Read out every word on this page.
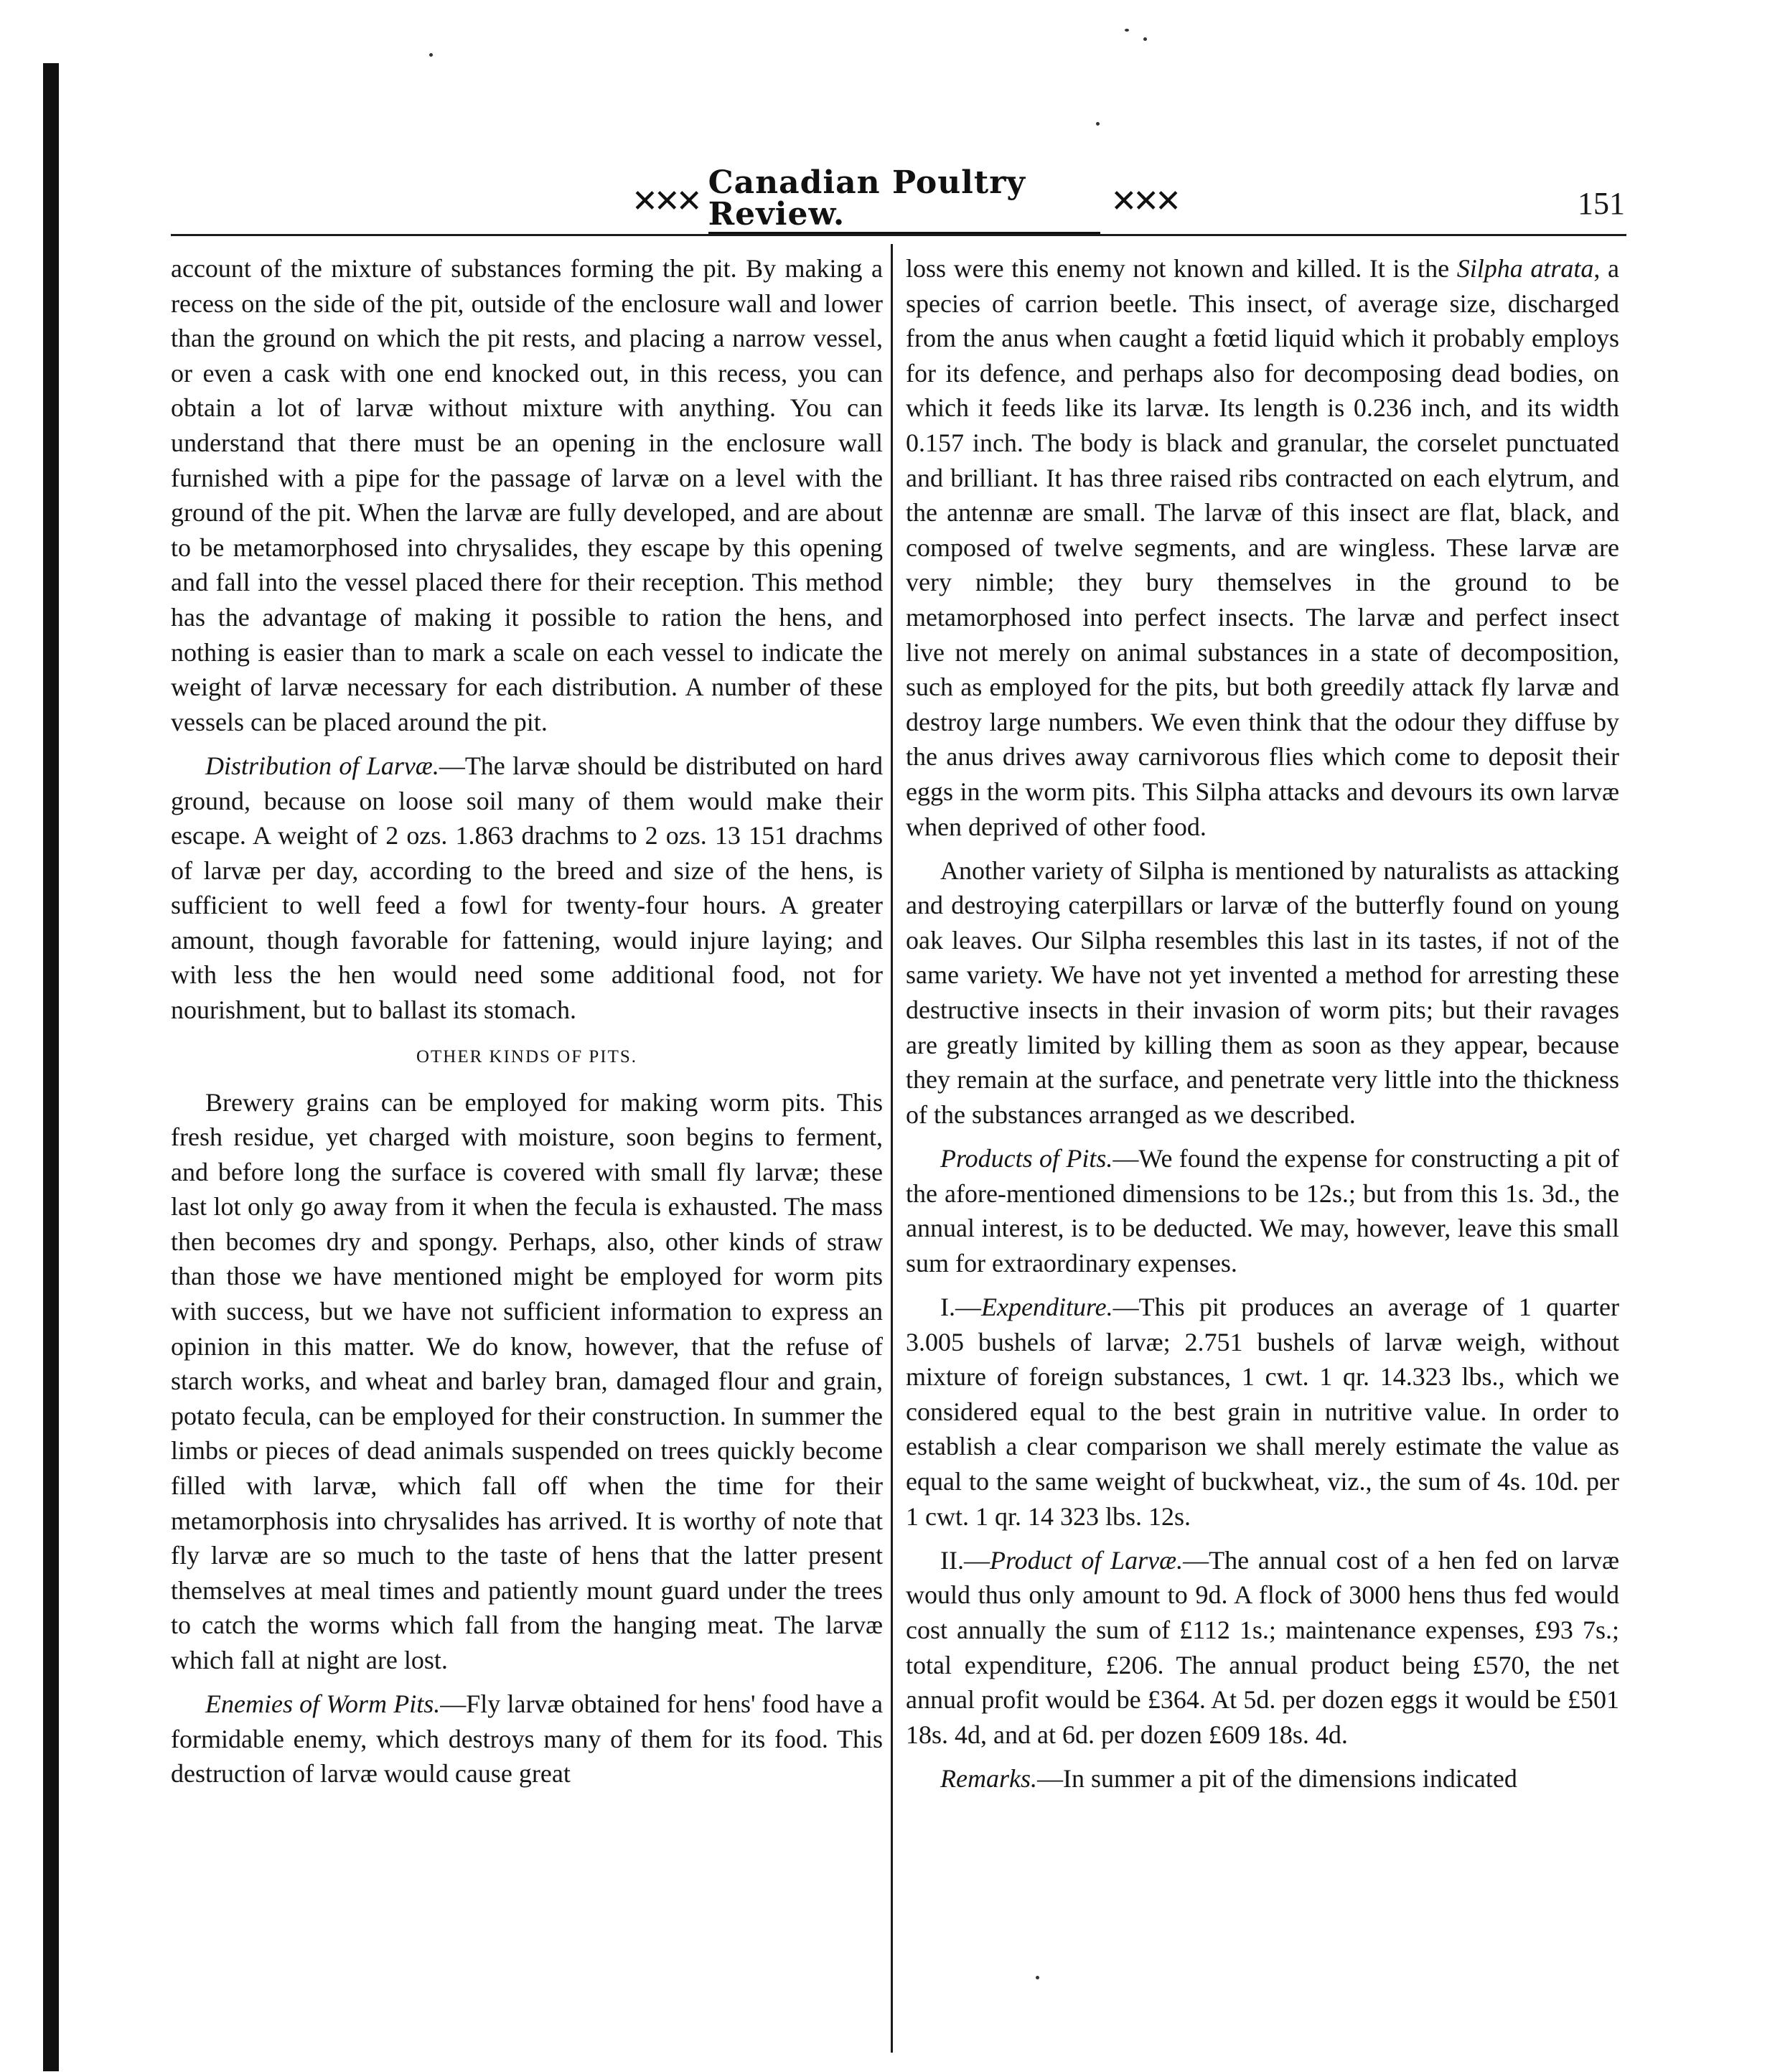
✕✕✕ Canadian Poultry Review.	✕✕✕	151

account of the mixture of substances forming the pit. By making a recess on the side of the pit, outside of the enclosure wall and lower than the ground on which the pit rests, and placing a narrow vessel, or even a cask with one end knocked out, in this recess, you can obtain a lot of larvæ without mixture with anything. You can understand that there must be an opening in the enclosure wall furnished with a pipe for the passage of larvæ on a level with the ground of the pit. When the larvæ are fully developed, and are about to be metamorphosed into chrysalides, they escape by this opening and fall into the vessel placed there for their reception. This method has the advantage of making it possible to ration the hens, and nothing is easier than to mark a scale on each vessel to indicate the weight of larvæ necessary for each distribution. A number of these vessels can be placed around the pit.

Distribution of Larvæ.—The larvæ should be distributed on hard ground, because on loose soil many of them would make their escape. A weight of 2 ozs. 1.863 drachms to 2 ozs. 13 151 drachms of larvæ per day, according to the breed and size of the hens, is sufficient to well feed a fowl for twenty-four hours. A greater amount, though favorable for fattening, would injure laying; and with less the hen would need some additional food, not for nourishment, but to ballast its stomach.

OTHER KINDS OF PITS.

Brewery grains can be employed for making worm pits. This fresh residue, yet charged with moisture, soon begins to ferment, and before long the surface is covered with small fly larvæ; these last lot only go away from it when the fecula is exhausted. The mass then becomes dry and spongy. Perhaps, also, other kinds of straw than those we have mentioned might be employed for worm pits with success, but we have not sufficient information to express an opinion in this matter. We do know, however, that the refuse of starch works, and wheat and barley bran, damaged flour and grain, potato fecula, can be employed for their construction. In summer the limbs or pieces of dead animals suspended on trees quickly become filled with larvæ, which fall off when the time for their metamorphosis into chrysalides has arrived. It is worthy of note that fly larvæ are so much to the taste of hens that the latter present themselves at meal times and patiently mount guard under the trees to catch the worms which fall from the hanging meat. The larvæ which fall at night are lost.

Enemies of Worm Pits.—Fly larvæ obtained for hens' food have a formidable enemy, which destroys many of them for its food. This destruction of larvæ would cause great

loss were this enemy not known and killed. It is the Silpha atrata, a species of carrion beetle. This insect, of average size, discharged from the anus when caught a fœtid liquid which it probably employs for its defence, and perhaps also for decomposing dead bodies, on which it feeds like its larvæ. Its length is 0.236 inch, and its width 0.157 inch. The body is black and granular, the corselet punctuated and brilliant. It has three raised ribs contracted on each elytrum, and the antennæ are small. The larvæ of this insect are flat, black, and composed of twelve segments, and are wingless. These larvæ are very nimble; they bury themselves in the ground to be metamorphosed into perfect insects. The larvæ and perfect insect live not merely on animal substances in a state of decomposition, such as employed for the pits, but both greedily attack fly larvæ and destroy large numbers. We even think that the odour they diffuse by the anus drives away carnivorous flies which come to deposit their eggs in the worm pits. This Silpha attacks and devours its own larvæ when deprived of other food.

Another variety of Silpha is mentioned by naturalists as attacking and destroying caterpillars or larvæ of the butterfly found on young oak leaves. Our Silpha resembles this last in its tastes, if not of the same variety. We have not yet invented a method for arresting these destructive insects in their invasion of worm pits; but their ravages are greatly limited by killing them as soon as they appear, because they remain at the surface, and penetrate very little into the thickness of the substances arranged as we described.

Products of Pits.—We found the expense for constructing a pit of the afore-mentioned dimensions to be 12s.; but from this 1s. 3d., the annual interest, is to be deducted. We may, however, leave this small sum for extraordinary expenses.

I.—Expenditure.—This pit produces an average of 1 quarter 3.005 bushels of larvæ; 2.751 bushels of larvæ weigh, without mixture of foreign substances, 1 cwt. 1 qr. 14.323 lbs., which we considered equal to the best grain in nutritive value. In order to establish a clear comparison we shall merely estimate the value as equal to the same weight of buckwheat, viz., the sum of 4s. 10d. per 1 cwt. 1 qr. 14 323 lbs. 12s.

II.—Product of Larvæ.—The annual cost of a hen fed on larvæ would thus only amount to 9d. A flock of 3000 hens thus fed would cost annually the sum of £112 1s.; maintenance expenses, £93 7s.; total expenditure, £206. The annual product being £570, the net annual profit would be £364. At 5d. per dozen eggs it would be £501 18s. 4d, and at 6d. per dozen £609 18s. 4d.

Remarks.—In summer a pit of the dimensions indicated
